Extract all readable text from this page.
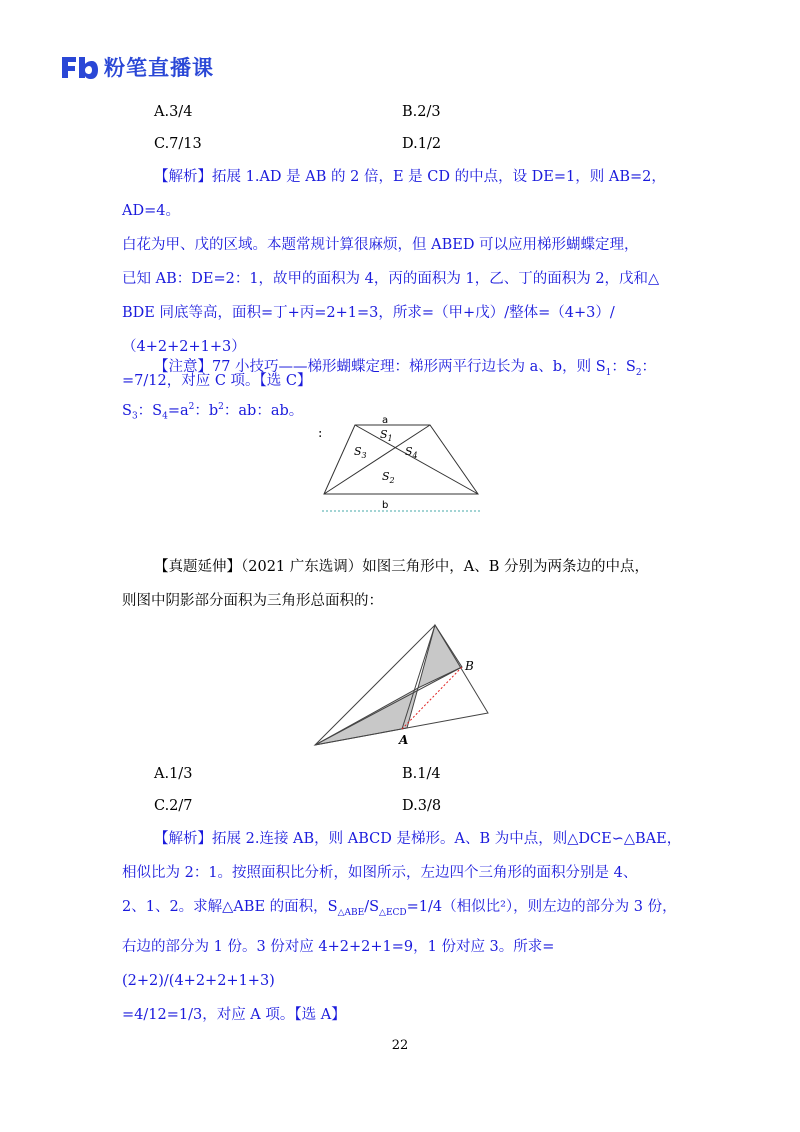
粉笔直播课
A.3/4	B.2/3
C.7/13	D.1/2
【解析】拓展 1.AD 是 AB 的 2 倍，E 是 CD 的中点，设 DE=1，则 AB=2，AD=4。
白花为甲、戊的区域。本题常规计算很麻烦，但 ABED 可以应用梯形蝴蝶定理，
已知 AB：DE=2：1，故甲的面积为 4，丙的面积为 1，乙、丁的面积为 2，戊和△
BDE 同底等高，面积=丁+丙=2+1=3，所求=（甲+戊）/整体=（4+3）/（4+2+2+1+3）
=7/12，对应 C 项。【选 C】
【注意】77 小技巧——梯形蝴蝶定理：梯形两平行边长为 a、b，则 $S_1$：$S_2$：
$S_3$：$S_4=a^2$：$b^2$：ab：ab。
:
a
b
$S_1$
$S_3$	$S_4$
$S_2$
【真题延伸】（2021 广东选调）如图三角形中，A、B 分别为两条边的中点，
则图中阴影部分面积为三角形总面积的：
B
A
A.1/3	B.1/4
C.2/7	D.3/8
【解析】拓展 2.连接 AB，则 ABCD 是梯形。A、B 为中点，则△DCE∽△BAE，
相似比为 2：1。按照面积比分析，如图所示，左边四个三角形的面积分别是 4、
2、1、2。求解△ABE 的面积，$S_{\triangle ABE}/S_{\triangle ECD}=1/4$（相似比²），则左边的部分为 3 份，
右边的部分为 1 份。3 份对应 4+2+2+1=9，1 份对应 3。所求=(2+2)/(4+2+2+1+3)
=4/12=1/3，对应 A 项。【选 A】
22
